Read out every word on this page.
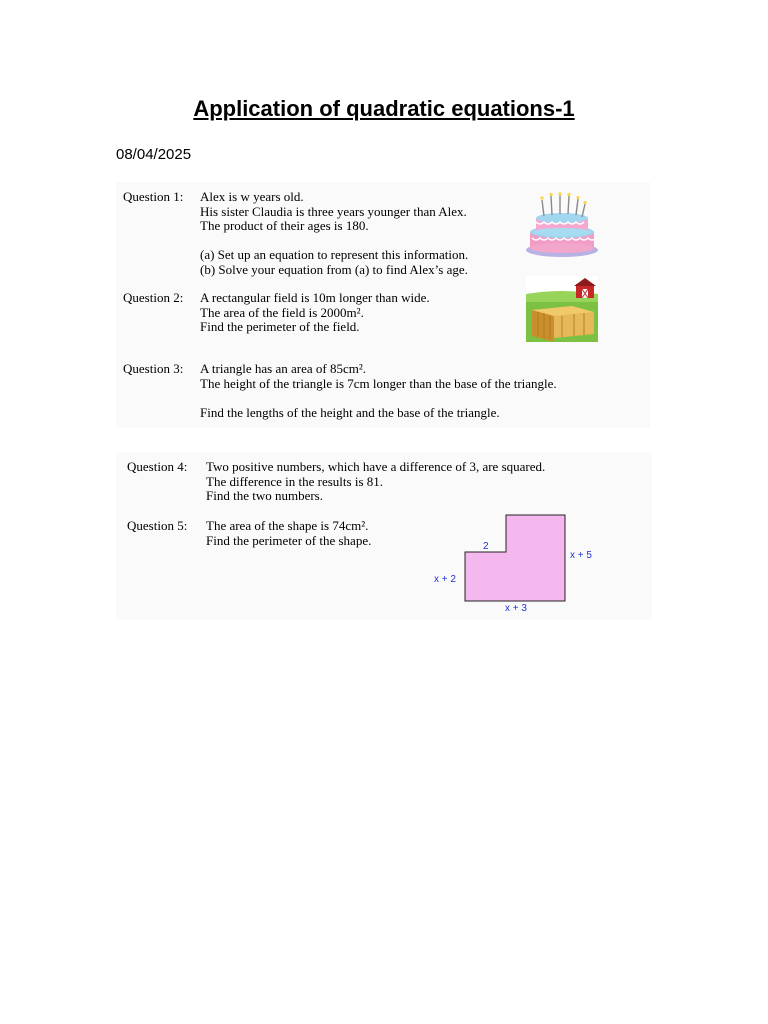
Application of quadratic equations-1
08/04/2025
Question 1: Alex is w years old.
His sister Claudia is three years younger than Alex.
The product of their ages is 180.
(a) Set up an equation to represent this information.
(b) Solve your equation from (a) to find Alex’s age.
Question 2: A rectangular field is 10m longer than wide.
The area of the field is 2000m².
Find the perimeter of the field.
Question 3: A triangle has an area of 85cm².
The height of the triangle is 7cm longer than the base of the triangle.
Find the lengths of the height and the base of the triangle.
Question 4: Two positive numbers, which have a difference of 3, are squared.
The difference in the results is 81.
Find the two numbers.
Question 5: The area of the shape is 74cm².
Find the perimeter of the shape.	2
x + 5
x + 2
x + 3
